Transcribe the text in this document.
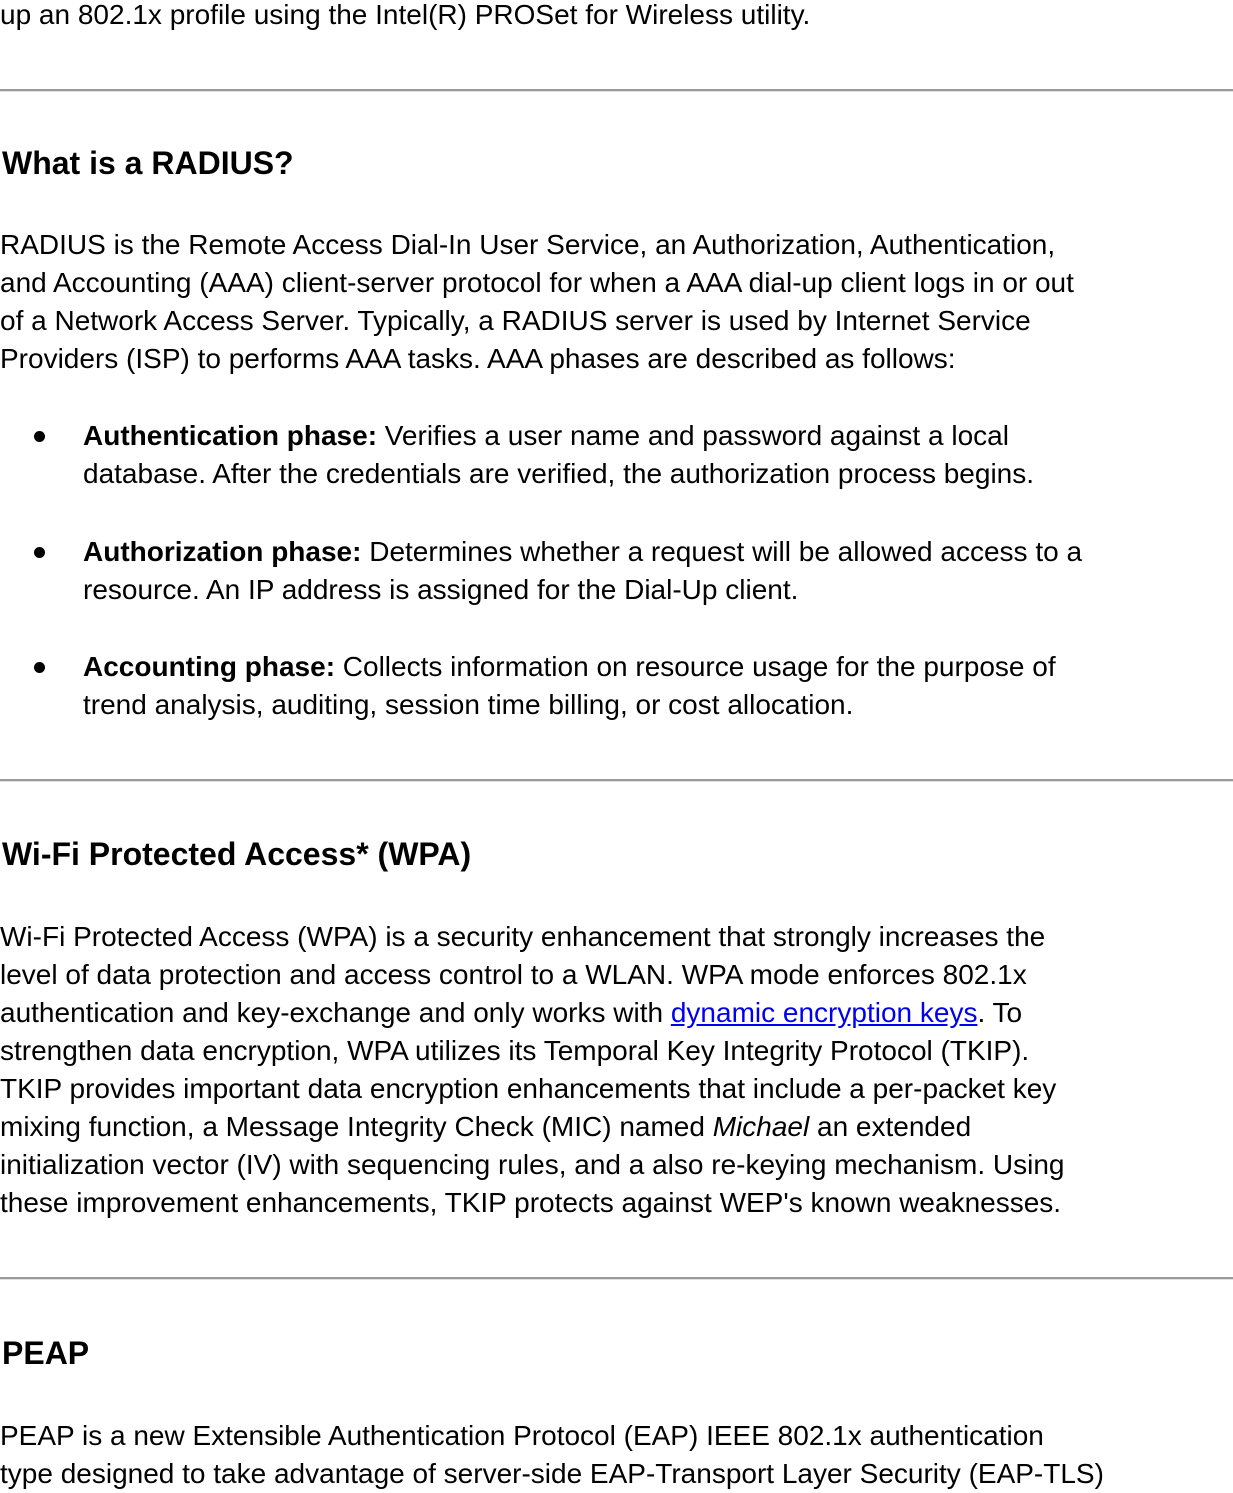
up an 802.1x profile using the Intel(R) PROSet for Wireless utility.

What is a RADIUS?

RADIUS is the Remote Access Dial-In User Service, an Authorization, Authentication,
and Accounting (AAA) client-server protocol for when a AAA dial-up client logs in or out
of a Network Access Server. Typically, a RADIUS server is used by Internet Service
Providers (ISP) to performs AAA tasks. AAA phases are described as follows:

Authentication phase: Verifies a user name and password against a local
database. After the credentials are verified, the authorization process begins.
Authorization phase: Determines whether a request will be allowed access to a
resource. An IP address is assigned for the Dial-Up client.
Accounting phase: Collects information on resource usage for the purpose of
trend analysis, auditing, session time billing, or cost allocation.
Wi-Fi Protected Access* (WPA)

Wi-Fi Protected Access (WPA) is a security enhancement that strongly increases the
level of data protection and access control to a WLAN. WPA mode enforces 802.1x
authentication and key-exchange and only works with dynamic encryption keys. To
strengthen data encryption, WPA utilizes its Temporal Key Integrity Protocol (TKIP).
TKIP provides important data encryption enhancements that include a per-packet key
mixing function, a Message Integrity Check (MIC) named Michael an extended
initialization vector (IV) with sequencing rules, and a also re-keying mechanism. Using
these improvement enhancements, TKIP protects against WEP's known weaknesses.

PEAP

PEAP is a new Extensible Authentication Protocol (EAP) IEEE 802.1x authentication
type designed to take advantage of server-side EAP-Transport Layer Security (EAP-TLS)
